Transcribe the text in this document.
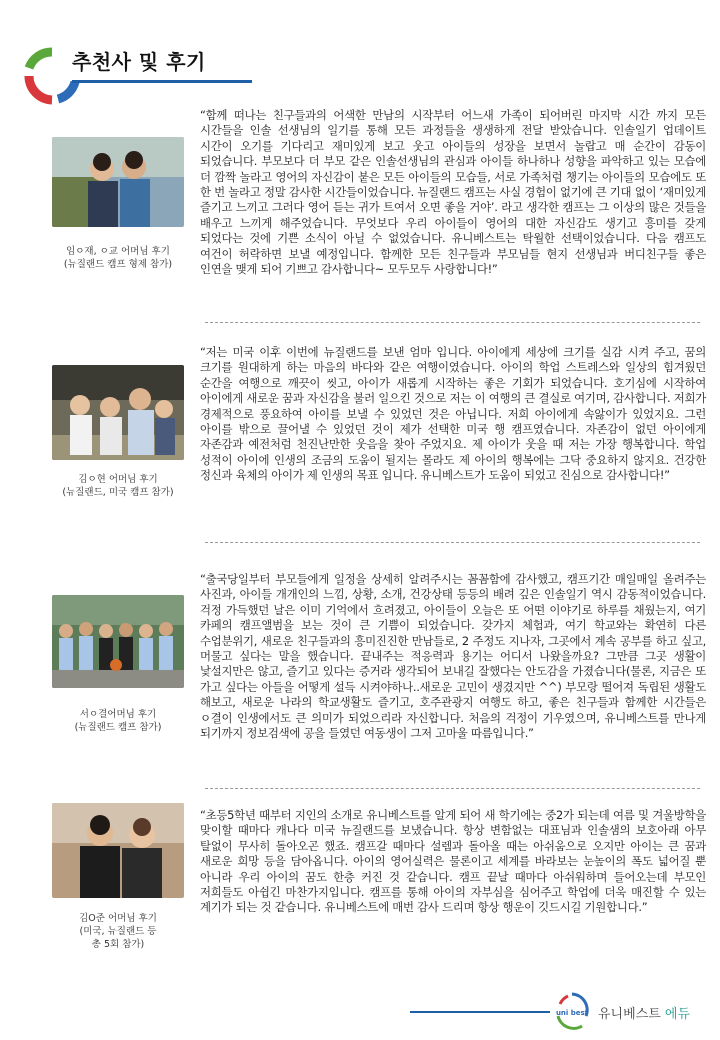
추천사 및 후기
임ㅇ재, ㅇ교 어머님 후기
(뉴질랜드 캠프 형제 참가)
“함께 떠나는 친구들과의 어색한 만남의 시작부터 어느새 가족이 되어버린 마지막 시간 까지 모든 시간들을 인솔 선생님의 일기를 통해 모든 과정들을 생생하게 전달 받았습니다. 인솔일기 업데이트 시간이 오기를 기다리고 재미있게 보고 웃고 아이들의 성장을 보면서 놀랍고 매 순간이 감동이 되었습니다. 부모보다 더 부모 같은 인솔선생님의 관심과 아이들 하나하나 성향을 파악하고 있는 모습에 더 깜짝 놀라고 영어의 자신감이 붙은 모든 아이들의 모습들, 서로 가족처럼 챙기는 아이들의 모습에도 또 한 번 놀라고 정말 감사한 시간들이었습니다. 뉴질랜드 캠프는 사실 경험이 없기에 큰 기대 없이 ‘재미있게 즐기고 느끼고 그러다 영어 듣는 귀가 트여서 오면 좋을 거야’. 라고 생각한 캠프는 그 이상의 많은 것들을 배우고 느끼게 해주었습니다. 무엇보다 우리 아이들이 영어의 대한 자신감도 생기고 흥미를 갖게 되었다는 것에 기쁜 소식이 아닐 수 없었습니다. 유니베스트는 탁월한 선택이었습니다. 다음 캠프도 여건이 허락하면 보낼 예정입니다. 함께한 모든 친구들과 부모님들 현지 선생님과 버디친구들 좋은 인연을 맺게 되어 기쁘고 감사합니다~ 모두모두 사랑합니다!”
김ㅇ현 어머님 후기
(뉴질랜드, 미국 캠프 참가)
“저는 미국 이후 이번에 뉴질랜드를 보낸 엄마 입니다. 아이에게 세상에 크기를 실감 시켜 주고, 꿈의 크기를 원대하게 하는 마음의 바다와 같은 여행이였습니다. 아이의 학업 스트레스와 일상의 힘겨웠던 순간을 여행으로 깨끗이 씻고, 아이가 새롭게 시작하는 좋은 기회가 되었습니다. 호기심에 시작하여 아이에게 새로운 꿈과 자신감을 불러 일으킨 것으로 저는 이 여행의 큰 결실로 여기며, 감사합니다. 저희가 경제적으로 풍요하여 아이를 보낼 수 있었던 것은 아닙니다. 저희 아이에게 속앓이가 있었지요. 그런 아이를 밖으로 끌어낼 수 있었던 것이 제가 선택한 미국 행 캠프였습니다. 자존감이 없던 아이에게 자존감과 예전처럼 천진난만한 웃음을 찾아 주었지요. 제 아이가 웃을 때 저는 가장 행복합니다. 학업 성적이 아이에 인생의 조금의 도움이 될지는 몰라도 제 아이의 행복에는 그닥 중요하지 않지요. 건강한 정신과 육체의 아이가 제 인생의 목표 입니다. 유니베스트가 도움이 되었고 진심으로 감사합니다!”
서ㅇ결어머님 후기
(뉴질랜드 캠프 참가)
“출국당일부터 부모들에게 일정을 상세히 알려주시는 꼼꼼함에 감사했고, 캠프기간 매일매일 올려주는 사진과, 아이들 개개인의 느낌, 상황, 소개, 건강상태 등등의 배려 깊은 인솔일기 역시 감동적이었습니다. 걱정 가득했던 날은 이미 기억에서 흐려졌고, 아이들이 오늘은 또 어떤 이야기로 하루를 채웠는지, 여기 카페의 캠프앨범을 보는 것이 큰 기쁨이 되었습니다. 갖가지 체험과, 여기 학교와는 확연히 다른 수업분위기, 새로운 친구들과의 흥미진진한 만남들로, 2 주정도 지나자, 그곳에서 계속 공부를 하고 싶고, 머물고 싶다는 말을 했습니다. 끝내주는 적응력과 용기는 어디서 나왔을까요? 그만큼 그곳 생활이 낯설지만은 않고, 즐기고 있다는 증거라 생각되어 보내길 잘했다는 안도감을 가졌습니다(물론, 지금은 또 가고 싶다는 아들을 어떻게 설득 시켜야하나..새로운 고민이 생겼지만 ^^) 부모랑 떨어져 독립된 생활도 해보고, 새로운 나라의 학교생활도 즐기고, 호주관광지 여행도 하고, 좋은 친구들과 함께한 시간들은 ㅇ결이 인생에서도 큰 의미가 되었으리라 자신합니다. 처음의 걱정이 기우였으며, 유니베스트를 만나게 되기까지 정보검색에 공을 들였던 여동생이 그저 고마울 따름입니다.”
김O준 어머님 후기
(미국, 뉴질랜드 등
총 5회 참가)
“초등5학년 때부터 지인의 소개로 유니베스트를 알게 되어 새 학기에는 중2가 되는데 여름 및 겨울방학을 맞이할 때마다 캐나다 미국 뉴질랜드를 보냈습니다. 항상 변함없는 대표님과 인솔샘의 보호아래 아무 탈없이 무사히 돌아오곤 했죠. 캠프갈 때마다 설렘과 돌아올 때는 아쉬움으로 오지만 아이는 큰 꿈과 새로운 희망 등을 담아옵니다. 아이의 영어실력은 물론이고 세계를 바라보는 눈높이의 폭도 넓어질 뿐 아니라 우리 아이의 꿈도 한층 커진 것 같습니다. 캠프 끝날 때마다 아쉬워하며 들어오는데 부모인 저희들도 아쉽긴 마찬가지입니다. 캠프를 통해 아이의 자부심을 심어주고 학업에 더욱 매진할 수 있는 계기가 되는 것 같습니다. 유니베스트에 매번 감사 드리며 항상 행운이 깃드시길 기원합니다.”
uni best 유니베스트 에듀
